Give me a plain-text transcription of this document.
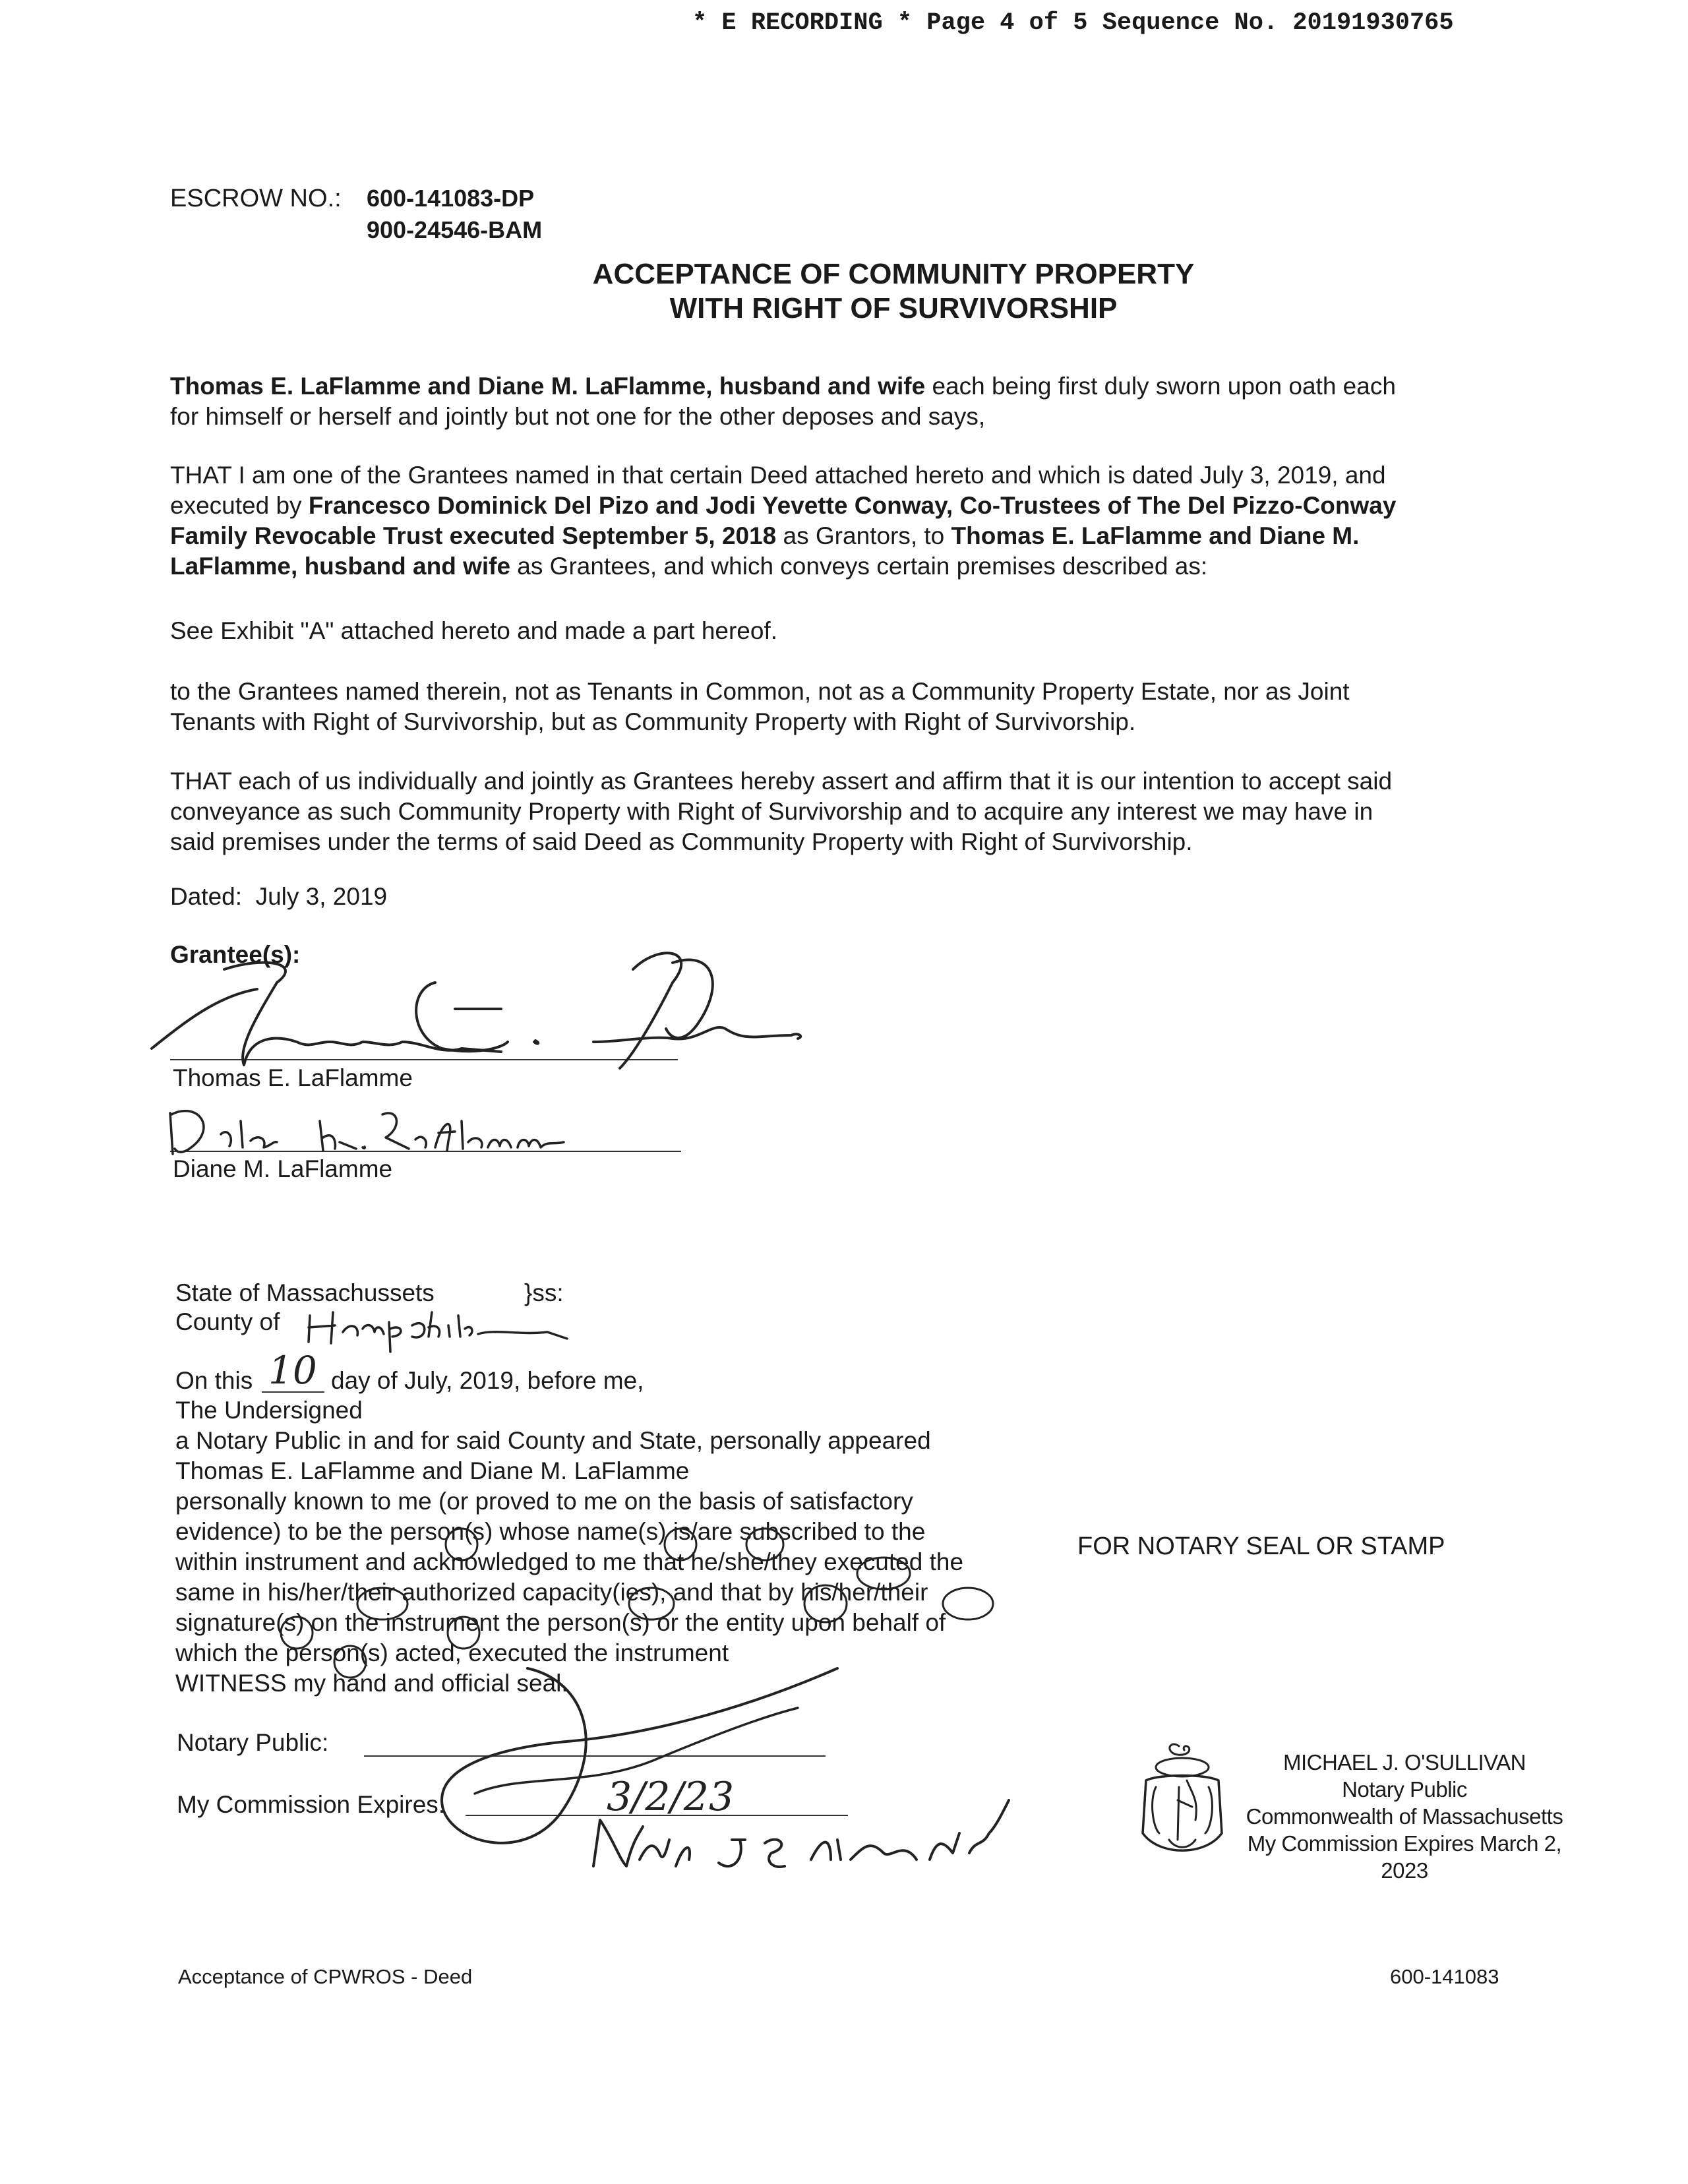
* E RECORDING * Page 4 of 5 Sequence No. 20191930765
ESCROW NO.: 600-141083-DP
900-24546-BAM
ACCEPTANCE OF COMMUNITY PROPERTY
WITH RIGHT OF SURVIVORSHIP
Thomas E. LaFlamme and Diane M. LaFlamme, husband and wife each being first duly sworn upon oath each
for himself or herself and jointly but not one for the other deposes and says,
THAT I am one of the Grantees named in that certain Deed attached hereto and which is dated July 3, 2019, and
executed by Francesco Dominick Del Pizo and Jodi Yevette Conway, Co-Trustees of The Del Pizzo-Conway
Family Revocable Trust executed September 5, 2018 as Grantors, to Thomas E. LaFlamme and Diane M.
LaFlamme, husband and wife as Grantees, and which conveys certain premises described as:
See Exhibit "A" attached hereto and made a part hereof.
to the Grantees named therein, not as Tenants in Common, not as a Community Property Estate, nor as Joint
Tenants with Right of Survivorship, but as Community Property with Right of Survivorship.
THAT each of us individually and jointly as Grantees hereby assert and affirm that it is our intention to accept said
conveyance as such Community Property with Right of Survivorship and to acquire any interest we may have in
said premises under the terms of said Deed as Community Property with Right of Survivorship.
Dated:  July 3, 2019
Grantee(s):
Thomas E. LaFlamme
Diane M. LaFlamme
State of Massachussets	}ss:
County of
On this 10 day of July, 2019, before me,
The Undersigned
a Notary Public in and for said County and State, personally appeared
Thomas E. LaFlamme and Diane M. LaFlamme
personally known to me (or proved to me on the basis of satisfactory
evidence) to be the person(s) whose name(s) is/are subscribed to the
within instrument and acknowledged to me that he/she/they executed the
same in his/her/their authorized capacity(ies), and that by his/her/their
signature(s) on the instrument the person(s) or the entity upon behalf of
which the person(s) acted, executed the instrument
WITNESS my hand and official seal.
Notary Public:
My Commission Expires:	3/2/23
FOR NOTARY SEAL OR STAMP
MICHAEL J. O'SULLIVAN
Notary Public
Commonwealth of Massachusetts
My Commission Expires March 2, 2023
Acceptance of CPWROS - Deed	600-141083
